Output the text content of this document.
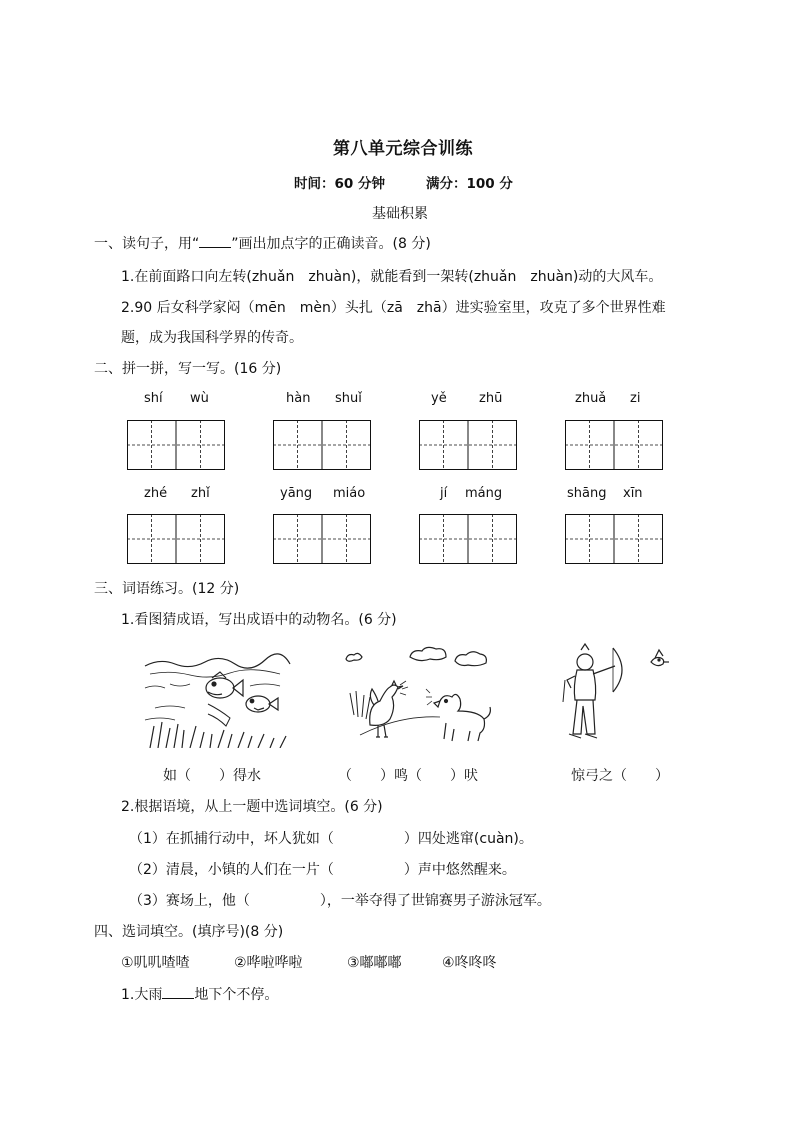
第八单元综合训练
时间：60 分钟	满分：100 分
基础积累
一、读句子，用“ ”画出加点字的正确读音。(8 分)
1.在前面路口向左转(zhuǎn　zhuàn)，就能看到一架转(zhuǎn　zhuàn)动的大风车。
2.90 后女科学家闷（mēn　mèn）头扎（zā　zhā）进实验室里，攻克了多个世界性难
题，成为我国科学界的传奇。
二、拼一拼，写一写。(16 分)
shí wù	hàn shuǐ	yě zhū	zhuǎ zi
zhé zhǐ	yāng miáo	jí máng	shāng xīn
三、词语练习。(12 分)
1.看图猜成语，写出成语中的动物名。(6 分)
如（　　）得水	（　　）鸣（　　）吠	惊弓之（　　）
2.根据语境，从上一题中选词填空。(6 分)
（1）在抓捕行动中，坏人犹如（　　　　　）四处逃窜(cuàn)。
（2）清晨，小镇的人们在一片（　　　　　）声中悠然醒来。
（3）赛场上，他（　　　　　），一举夺得了世锦赛男子游泳冠军。
四、选词填空。(填序号)(8 分)
①叽叽喳喳	②哗啦哗啦	③嘟嘟嘟	④咚咚咚
1.大雨 地下个不停。
